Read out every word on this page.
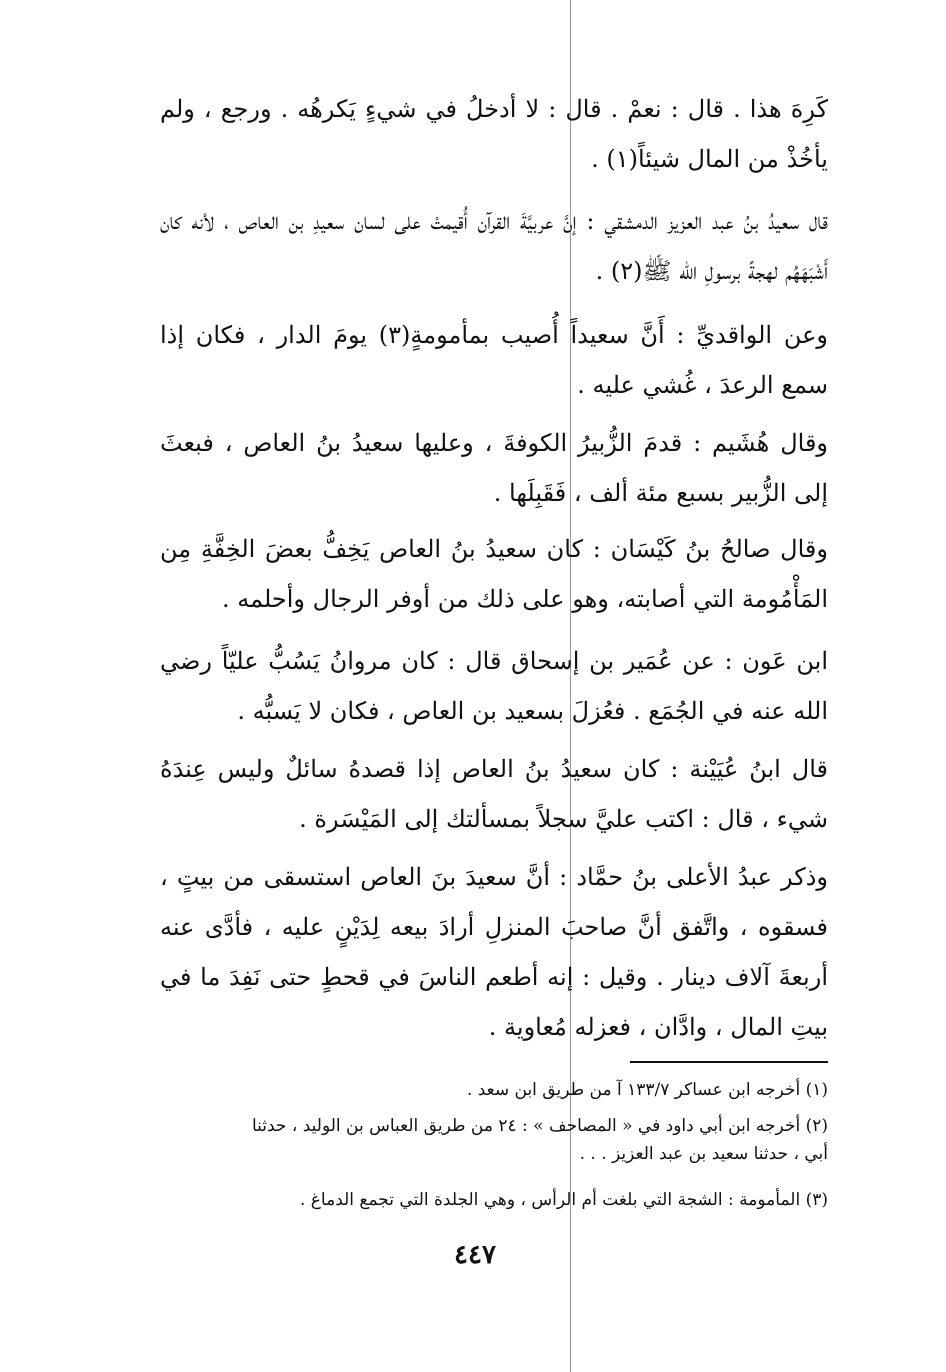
كَرِهَ هذا . قال : نعمْ . قال : لا أدخلُ في شيءٍ يَكرهُه . ورجع ، ولم يأخُذْ من المال شيئاً(١) .
قال سعيدُ بنُ عبد العزيز الدمشقي : إنَّ عربيَّةَ القرآن أُقيمتْ على لسان سعيدِ بن العاص ، لأنه كان أَشْبَهَهُم لهجةً برسولِ الله ﷺ(٢) .
وعن الواقديِّ : أَنَّ سعيداً أُصيب بمأمومةٍ(٣) يومَ الدار ، فكان إذا سمع الرعدَ ، غُشي عليه .
وقال هُشَيم : قدمَ الزُّبيرُ الكوفةَ ، وعليها سعيدُ بنُ العاص ، فبعثَ إلى الزُّبير بسبع مئة ألف ، فَقَبِلَها .
وقال صالحُ بنُ كَيْسَان : كان سعيدُ بنُ العاص يَخِفُّ بعضَ الخِفَّةِ مِن المَأْمُومة التي أصابته، وهو على ذلك من أوفر الرجال وأحلمه .
ابن عَون : عن عُمَير بن إسحاق قال : كان مروانُ يَسُبُّ عليّاً رضي الله عنه في الجُمَع . فعُزلَ بسعيد بن العاص ، فكان لا يَسبُّه .
قال ابنُ عُيَيْنة : كان سعيدُ بنُ العاص إذا قصدهُ سائلٌ وليس عِندَهُ شيء ، قال : اكتب عليَّ سجلاً بمسألتك إلى المَيْسَرة .
وذكر عبدُ الأعلى بنُ حمَّاد : أنَّ سعيدَ بنَ العاص استسقى من بيتٍ ، فسقوه ، واتَّفق أنَّ صاحبَ المنزلِ أرادَ بيعه لِدَيْنٍ عليه ، فأدَّى عنه أربعةَ آلاف دينار . وقيل : إنه أطعم الناسَ في قحطٍ حتى نَفِدَ ما في بيتِ المال ، وادَّان ، فعزله مُعاوية .
(١) أخرجه ابن عساكر ١٣٣/٧ آ من طريق ابن سعد .
(٢) أخرجه ابن أبي داود في « المصاحف » : ٢٤ من طريق العباس بن الوليد ، حدثنا
أبي ، حدثنا سعيد بن عبد العزيز . . .
(٣) المأمومة : الشجة التي بلغت أم الرأس ، وهي الجلدة التي تجمع الدماغ .
٤٤٧
